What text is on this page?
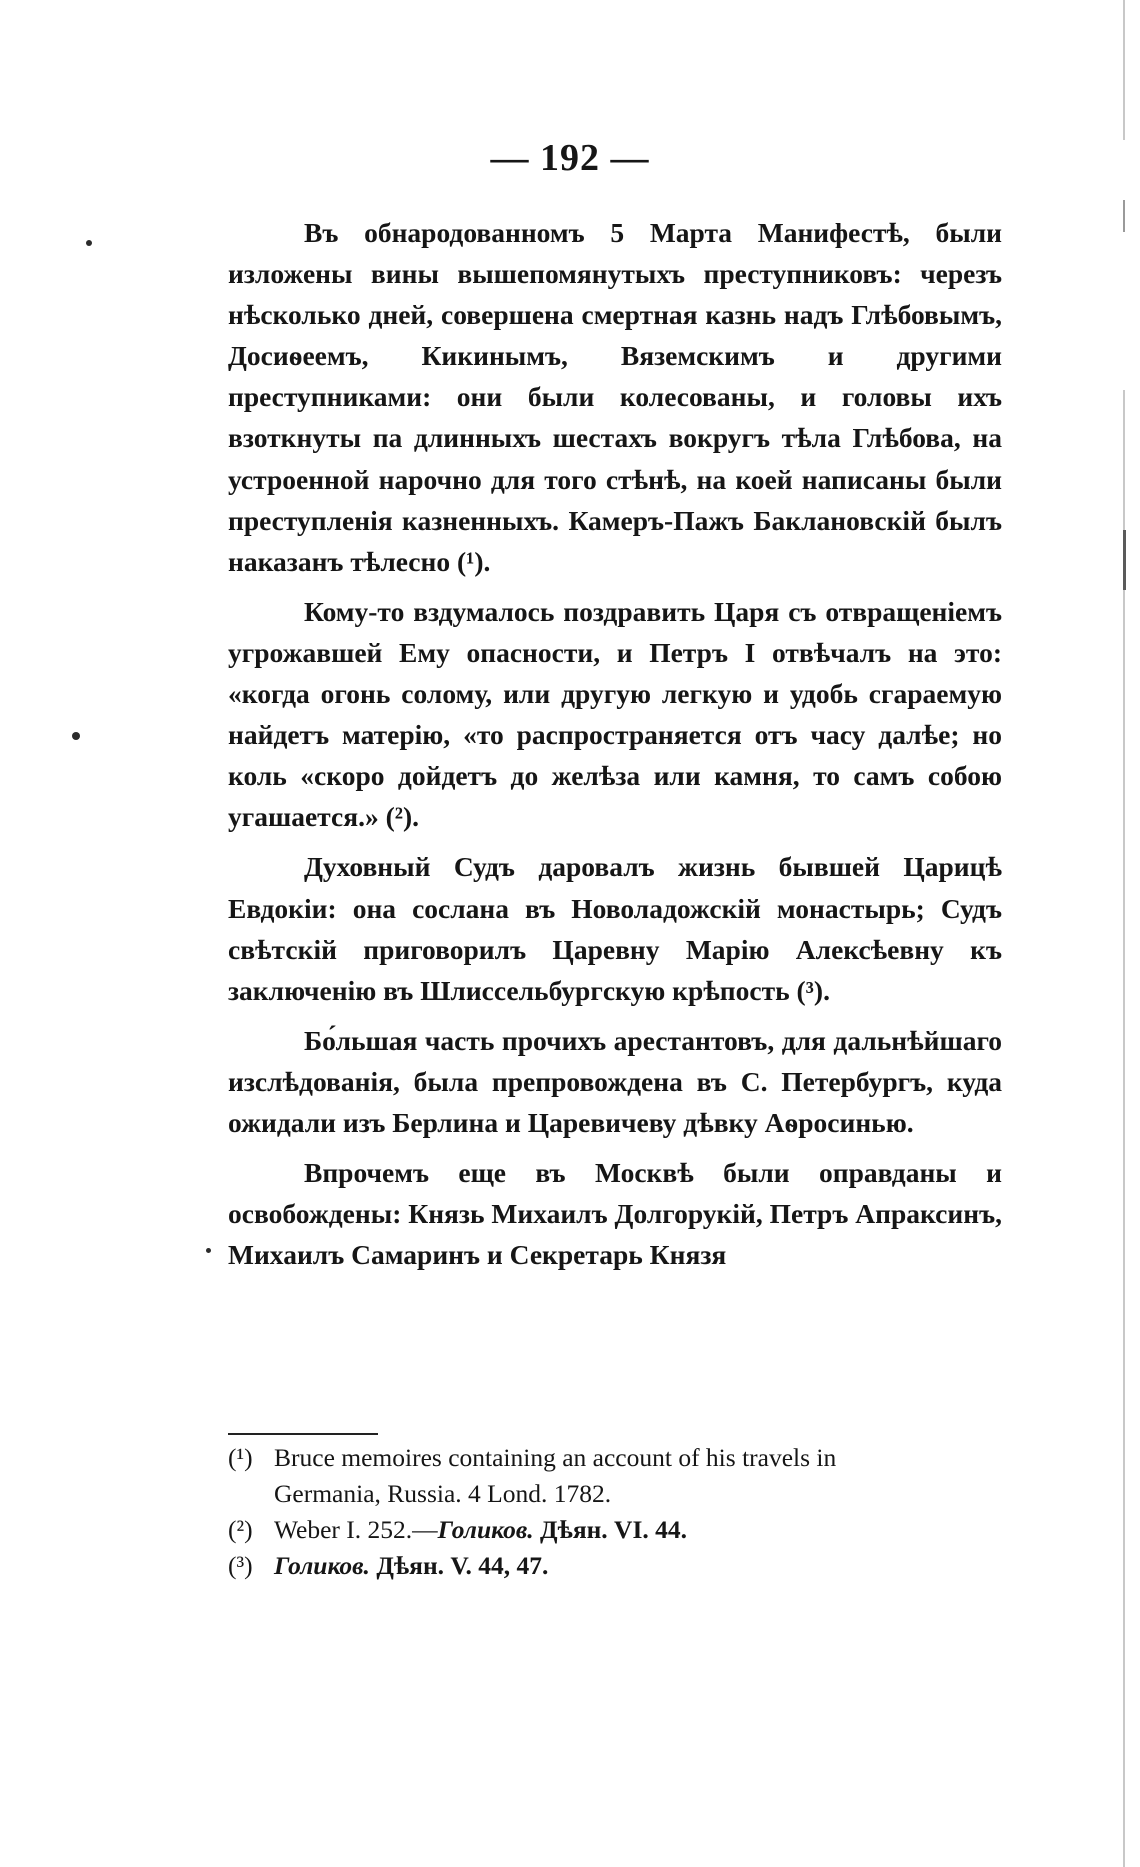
— 192 —

Въ обнародованномъ 5 Марта Манифестѣ, были изложены вины вышепомянутыхъ преступниковъ: черезъ нѣсколько дней, совершена смертная казнь надъ Глѣбовымъ, Досиѳеемъ, Кикинымъ, Вяземскимъ и другими преступниками: они были колесованы, и головы ихъ взоткнуты па длинныхъ шестахъ вокругъ тѣла Глѣбова, на устроенной нарочно для того стѣнѣ, на коей написаны были преступленія казненныхъ. Камеръ-Пажъ Баклановскій былъ наказанъ тѣлесно (¹).

Кому-то вздумалось поздравить Царя съ отвращеніемъ угрожавшей Ему опасности, и Петръ I отвѣчалъ на это: «когда огонь солому, или другую легкую и удобь сгараемую найдетъ матерію, «то распространяется отъ часу далѣе; но коль «скоро дойдетъ до желѣза или камня, то самъ собою угашается.» (²).

Духовный Судъ даровалъ жизнь бывшей Царицѣ Евдокіи: она сослана въ Новоладожскій монастырь; Судъ свѣтскій приговорилъ Царевну Марію Алексѣевну къ заключенію въ Шлиссельбургскую крѣпость (³).

Бо́льшая часть прочихъ арестантовъ, для дальнѣйшаго изслѣдованія, была препровождена въ С. Петербургъ, куда ожидали изъ Берлина и Царевичеву дѣвку Аѳросинью.

Впрочемъ еще въ Москвѣ были оправданы и освобождены: Князь Михаилъ Долгорукій, Петръ Апраксинъ, Михаилъ Самаринъ и Секретарь Князя

(¹) Bruce memoires containing an account of his travels in
Germania, Russia. 4 Lond. 1782.
(²) Weber I. 252.—Голиков. Дѣян. VI. 44.
(³) Голиков. Дѣян. V. 44, 47.
